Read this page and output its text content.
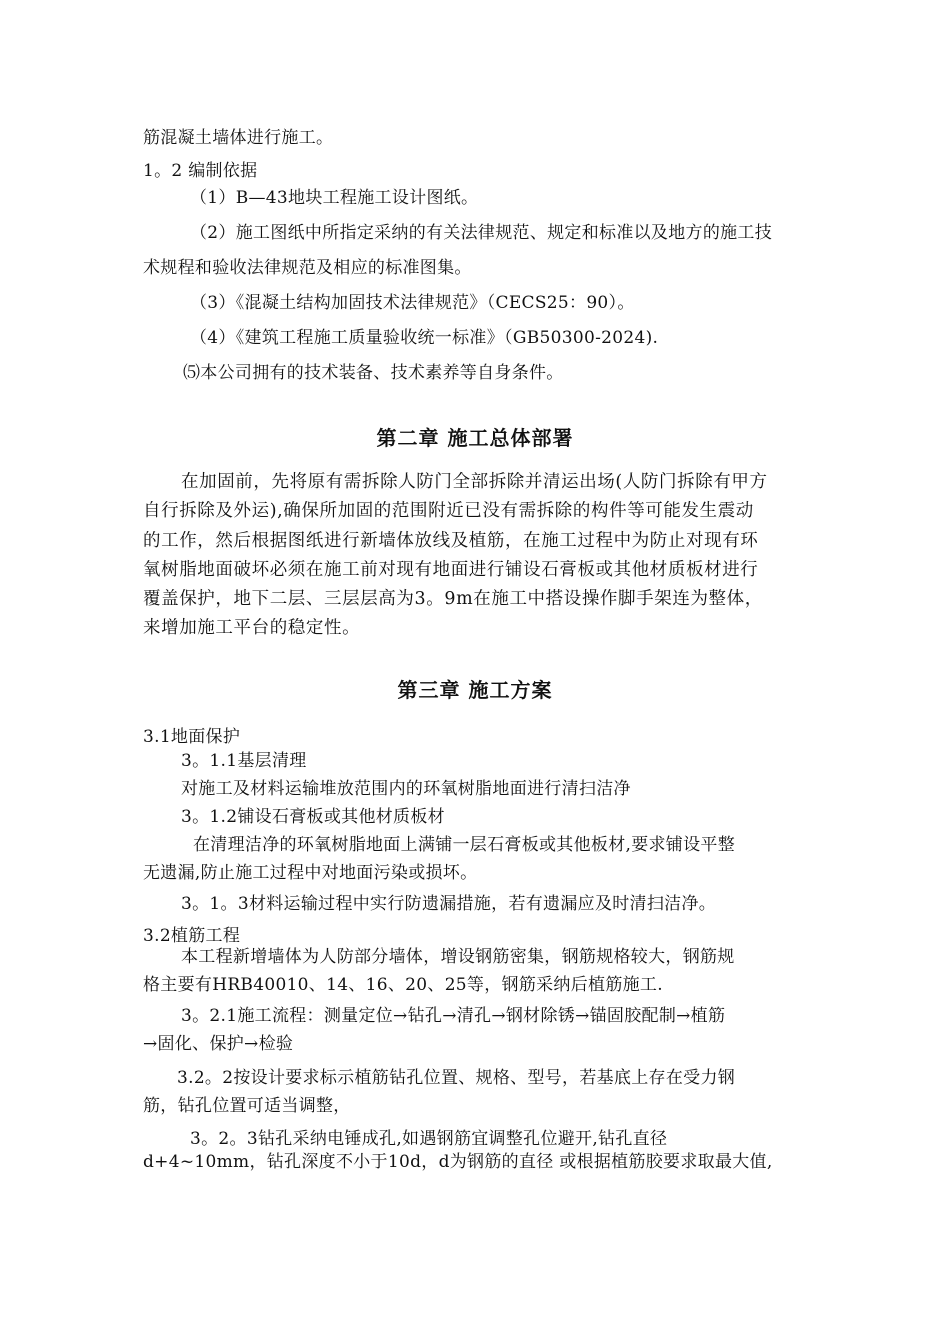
筋混凝土墙体进行施工。
1。2 编制依据
（1）B—43地块工程施工设计图纸。
（2）施工图纸中所指定采纳的有关法律规范、规定和标准以及地方的施工技
术规程和验收法律规范及相应的标准图集。
（3）《混凝土结构加固技术法律规范》（CECS25：90）。
（4）《建筑工程施工质量验收统一标准》（GB50300-2024).
⑸本公司拥有的技术装备、技术素养等自身条件。
第二章 施工总体部署
在加固前，先将原有需拆除人防门全部拆除并清运出场(人防门拆除有甲方
自行拆除及外运),确保所加固的范围附近已没有需拆除的构件等可能发生震动
的工作，然后根据图纸进行新墙体放线及植筋，在施工过程中为防止对现有环
氧树脂地面破坏必须在施工前对现有地面进行铺设石膏板或其他材质板材进行
覆盖保护，地下二层、三层层高为3。9m在施工中搭设操作脚手架连为整体，
来增加施工平台的稳定性。
第三章 施工方案
3.1地面保护
3。1.1基层清理
对施工及材料运输堆放范围内的环氧树脂地面进行清扫洁净
3。1.2铺设石膏板或其他材质板材
在清理洁净的环氧树脂地面上满铺一层石膏板或其他板材,要求铺设平整
无遗漏,防止施工过程中对地面污染或损坏。
3。1。3材料运输过程中实行防遗漏措施，若有遗漏应及时清扫洁净。
3.2植筋工程
本工程新增墙体为人防部分墙体，增设钢筋密集，钢筋规格较大，钢筋规
格主要有HRB40010、14、16、20、25等，钢筋采纳后植筋施工.
3。2.1施工流程：测量定位→钻孔→清孔→钢材除锈→锚固胶配制→植筋
→固化、保护→检验
3.2。2按设计要求标示植筋钻孔位置、规格、型号，若基底上存在受力钢
筋，钻孔位置可适当调整，
3。2。3钻孔采纳电锤成孔,如遇钢筋宜调整孔位避开,钻孔直径
d+4~10mm，钻孔深度不小于10d，d为钢筋的直径 或根据植筋胶要求取最大值,
